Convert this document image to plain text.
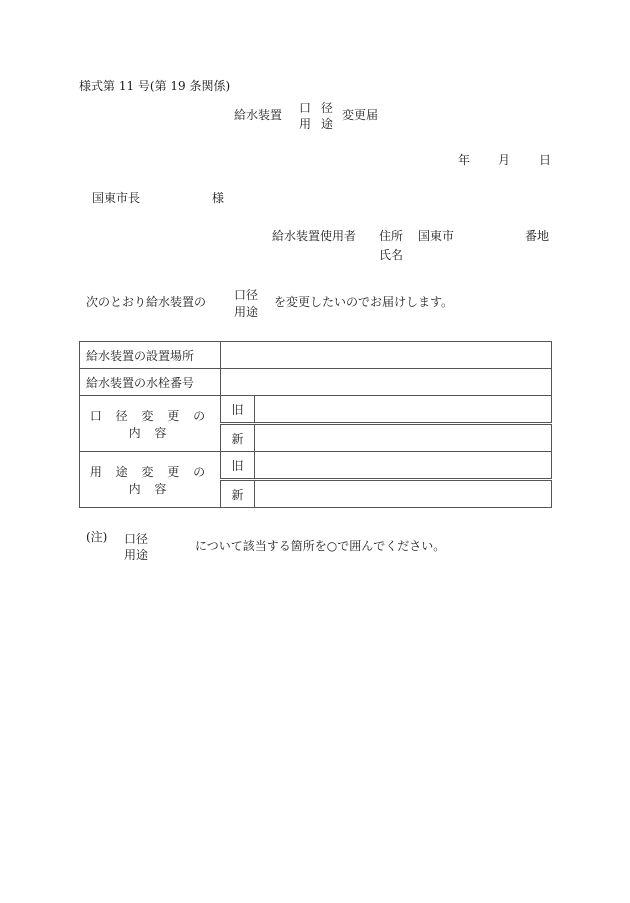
様式第 11 号(第 19 条関係)
給水装置 口 径
用 途
変更届
年 月 日
国東市長	様
給水装置使用者 住所 国東市	番地
氏名
次のとおり給水装置の 口径
用途
を変更したいのでお届けします。
給水装置の設置場所		
給水装置の水栓番号		
口 径 変 更 の 内 容	旧	
	新	
用 途 変 更 の 内 容	旧	
	新	
(注) 口径
用途
について該当する箇所を○で囲んでください。
